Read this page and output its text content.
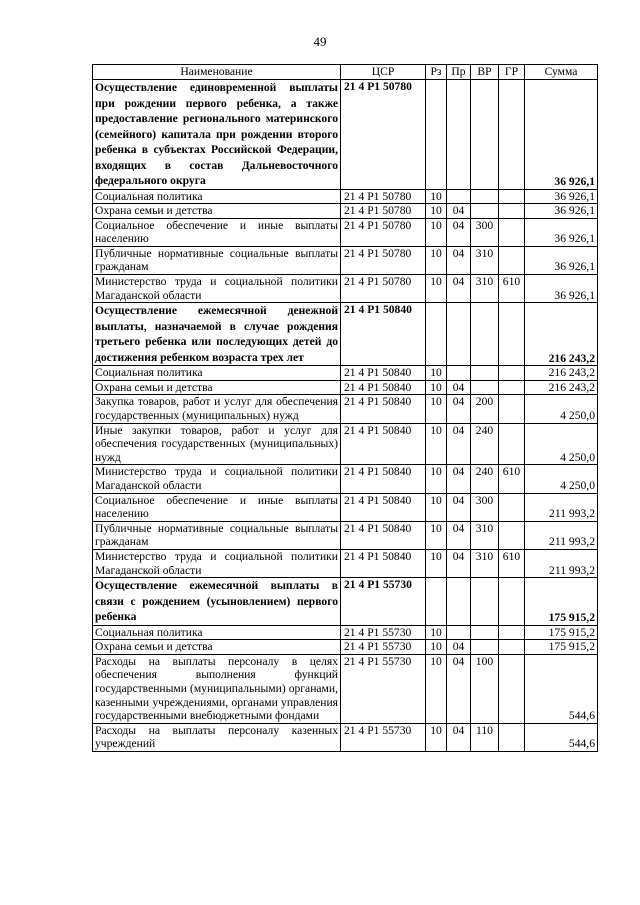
49
Наименование	ЦСР	Рз	Пр	ВР	ГР	Сумма
Осуществление единовременной выплаты при рождении первого ребенка, а также предоставление регионального материнского (семейного) капитала при рождении второго ребенка в субъектах Российской Федерации, входящих в состав Дальневосточного федерального округа	21 4 P1 50780					36 926,1
Социальная политика	21 4 P1 50780	10				36 926,1
Охрана семьи и детства	21 4 P1 50780	10	04			36 926,1
Социальное обеспечение и иные выплаты населению	21 4 P1 50780	10	04	300		36 926,1
Публичные нормативные социальные выплаты гражданам	21 4 P1 50780	10	04	310		36 926,1
Министерство труда и социальной политики Магаданской области	21 4 P1 50780	10	04	310	610	36 926,1
Осуществление ежемесячной денежной выплаты, назначаемой в случае рождения третьего ребенка или последующих детей до достижения ребенком возраста трех лет	21 4 P1 50840					216 243,2
Социальная политика	21 4 P1 50840	10				216 243,2
Охрана семьи и детства	21 4 P1 50840	10	04			216 243,2
Закупка товаров, работ и услуг для обеспечения государственных (муниципальных) нужд	21 4 P1 50840	10	04	200		4 250,0
Иные закупки товаров, работ и услуг для обеспечения государственных (муниципальных) нужд	21 4 P1 50840	10	04	240		4 250,0
Министерство труда и социальной политики Магаданской области	21 4 P1 50840	10	04	240	610	4 250,0
Социальное обеспечение и иные выплаты населению	21 4 P1 50840	10	04	300		211 993,2
Публичные нормативные социальные выплаты гражданам	21 4 P1 50840	10	04	310		211 993,2
Министерство труда и социальной политики Магаданской области	21 4 P1 50840	10	04	310	610	211 993,2
Осуществление ежемесячной выплаты в связи с рождением (усыновлением) первого ребенка	21 4 P1 55730					175 915,2
Социальная политика	21 4 P1 55730	10				175 915,2
Охрана семьи и детства	21 4 P1 55730	10	04			175 915,2
Расходы на выплаты персоналу в целях обеспечения выполнения функций государственными (муниципальными) органами, казенными учреждениями, органами управления государственными внебюджетными фондами	21 4 P1 55730	10	04	100		544,6
Расходы на выплаты персоналу казенных учреждений	21 4 P1 55730	10	04	110		544,6
